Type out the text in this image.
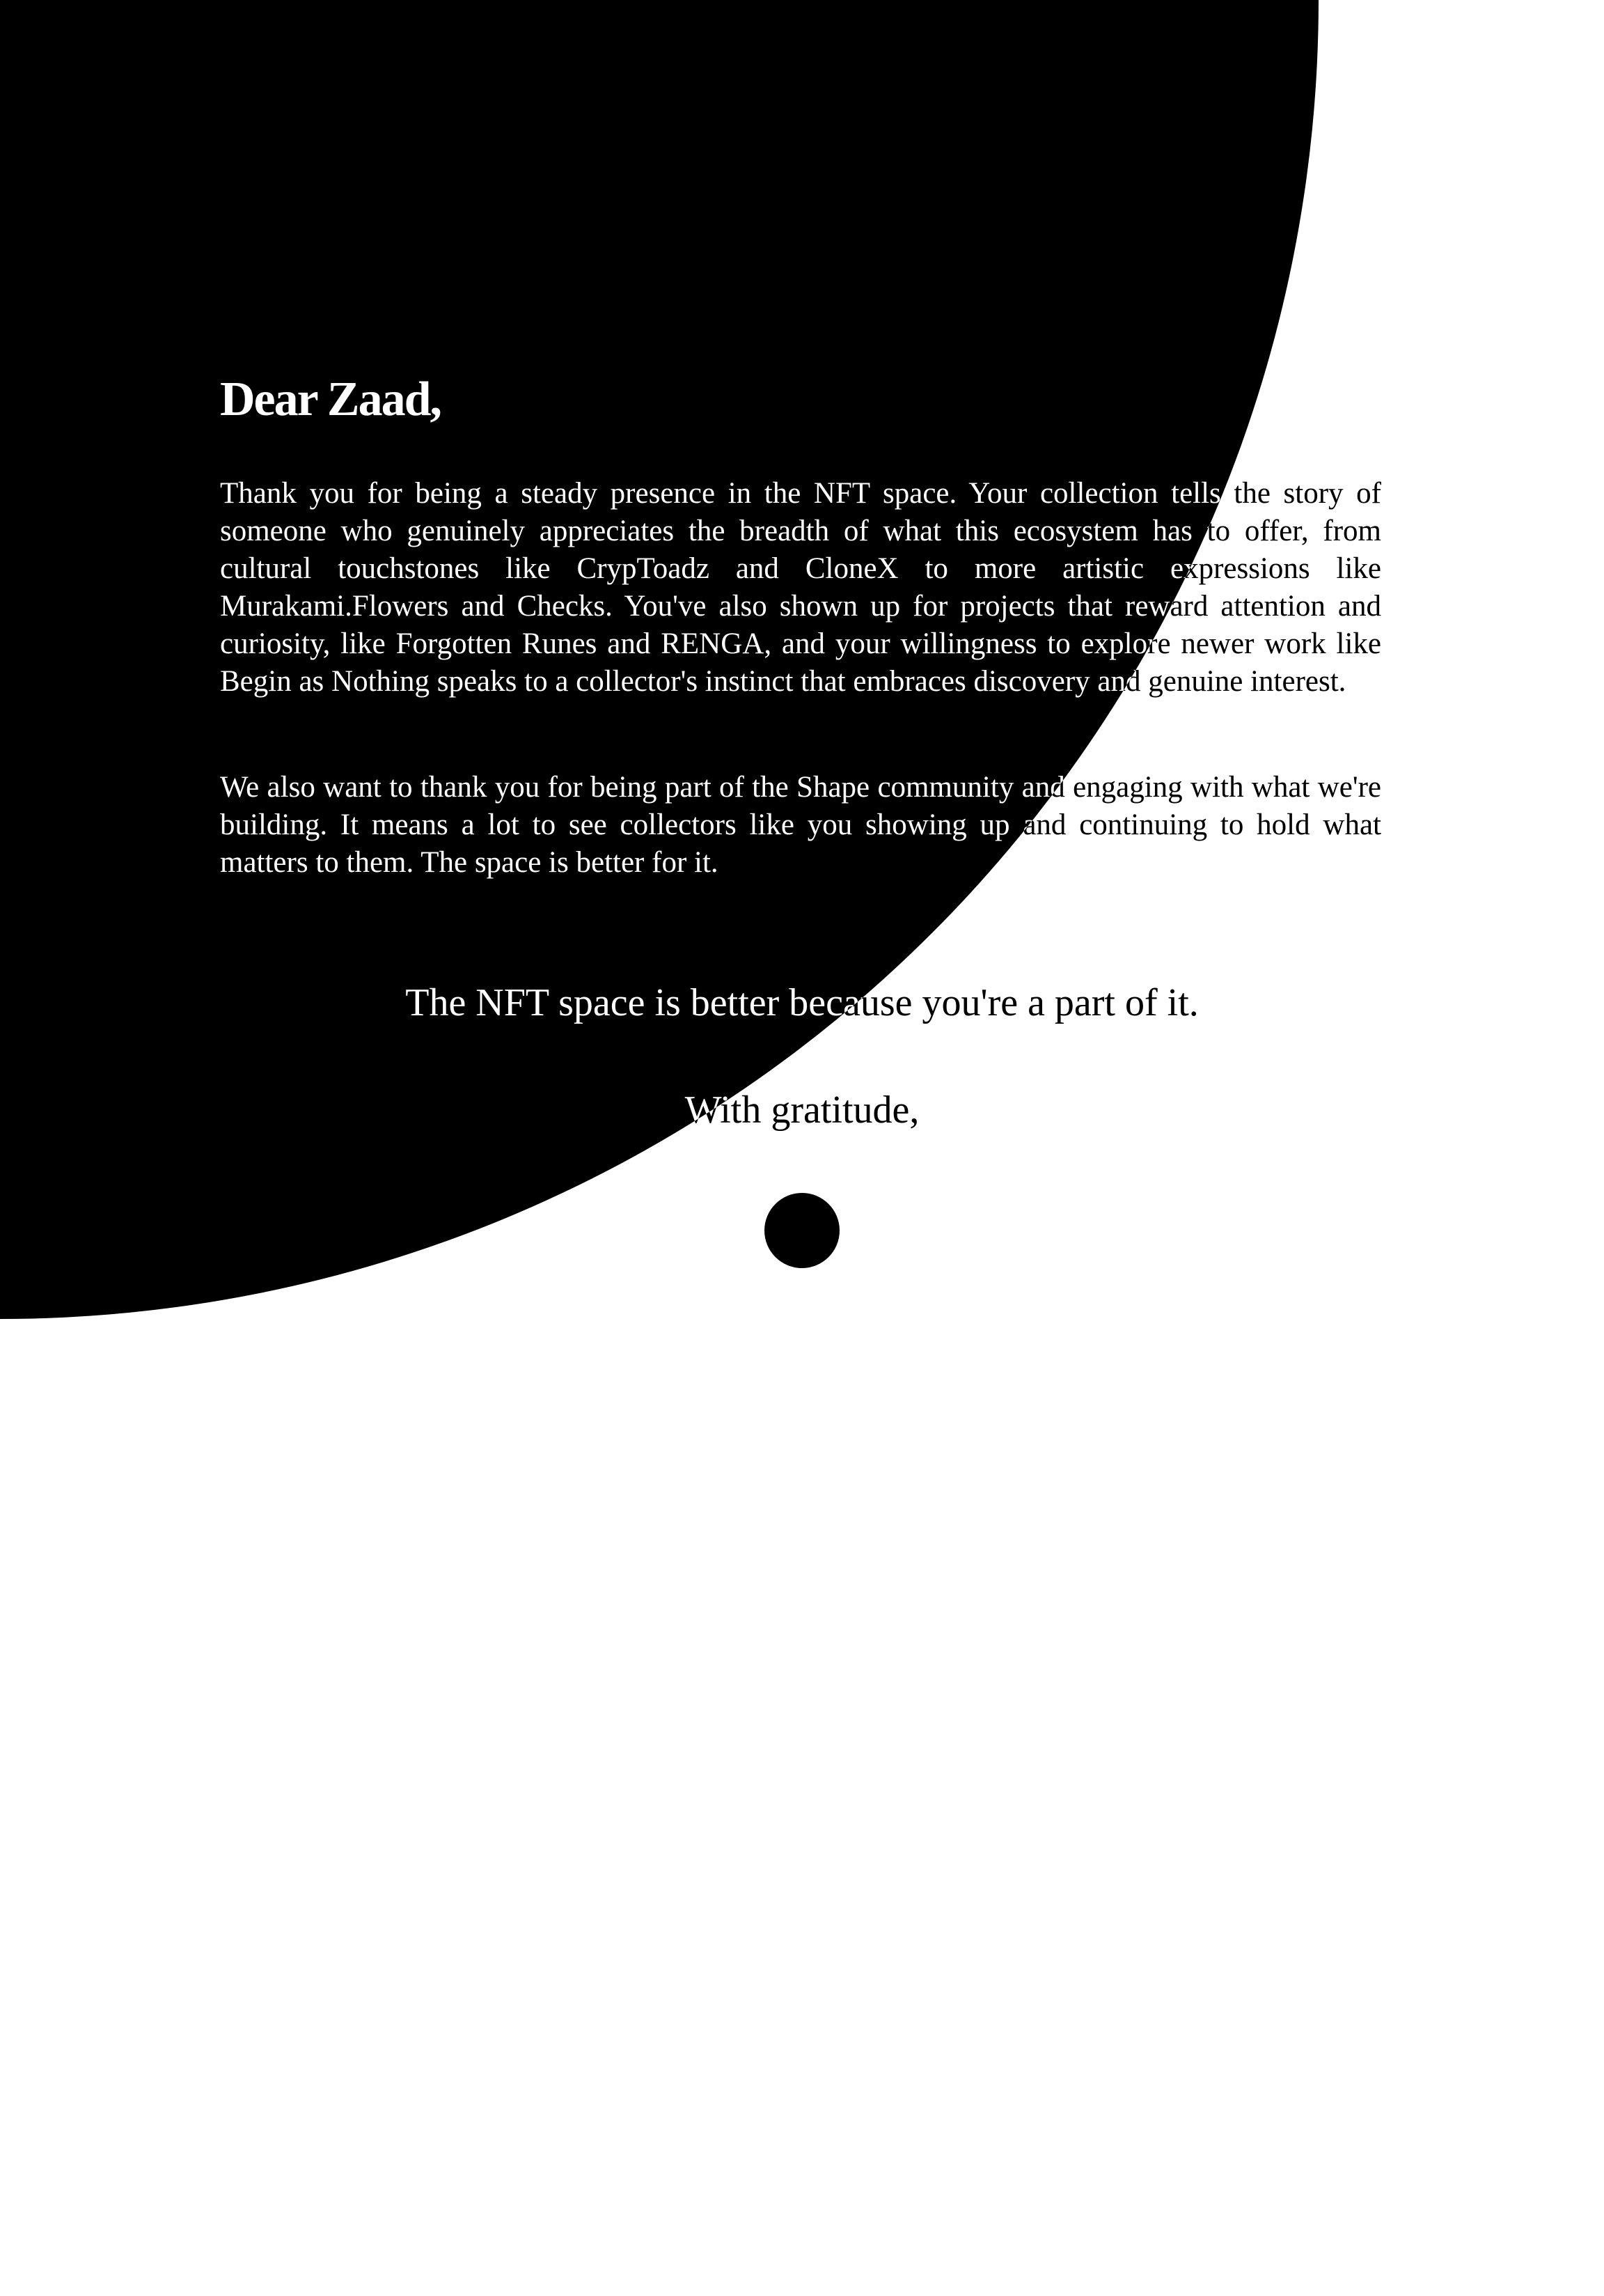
Dear Zaad,

Thank you for being a steady presence in the NFT space. Your collection tells the story of someone who genuinely appreciates the breadth of what this ecosystem has to offer, from cultural touchstones like CrypToadz and CloneX to more artistic expressions like Murakami.Flowers and Checks. You've also shown up for projects that reward attention and curiosity, like Forgotten Runes and RENGA, and your willingness to explore newer work like Begin as Nothing speaks to a collector's instinct that embraces discovery and genuine interest.

We also want to thank you for being part of the Shape community and engaging with what we're building. It means a lot to see collectors like you showing up and continuing to hold what matters to them. The space is better for it.

The NFT space is better because you're a part of it.

With gratitude,
